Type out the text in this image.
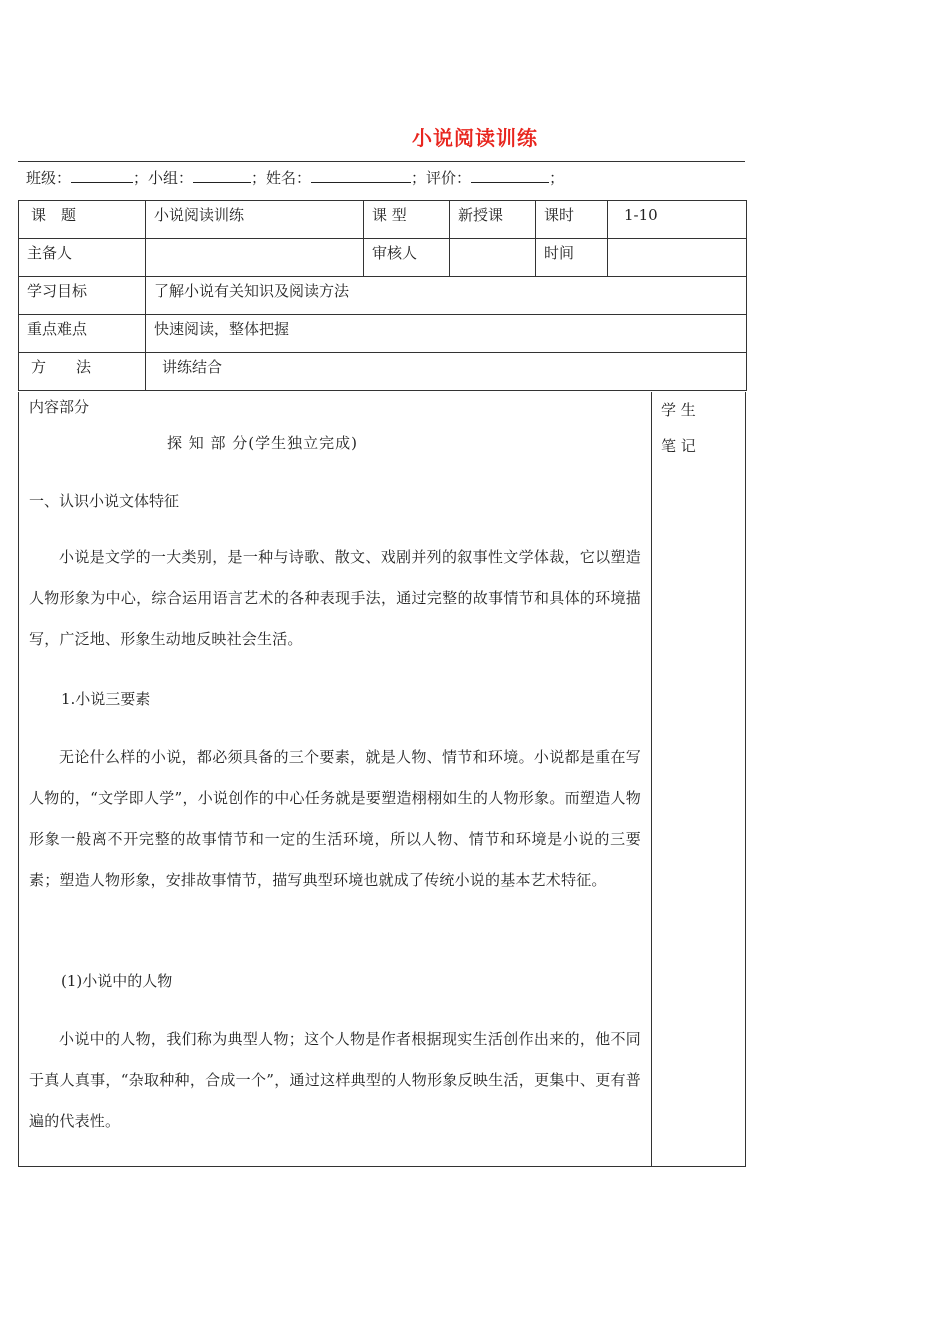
小说阅读训练
班级：	；小组：	；姓名：	；评价：	；
课　题	小说阅读训练	课 型	新授课	课时	1-10
主备人		审核人		时间	
学习目标	了解小说有关知识及阅读方法				
重点难点	快速阅读，整体把握				
方　　法	讲练结合				
内容部分
探 知 部 分(学生独立完成)
一、认识小说文体特征

小说是文学的一大类别，是一种与诗歌、散文、戏剧并列的叙事性文学体裁，它以塑造人物形象为中心，综合运用语言艺术的各种表现手法，通过完整的故事情节和具体的环境描写，广泛地、形象生动地反映社会生活。

1.小说三要素

无论什么样的小说，都必须具备的三个要素，就是人物、情节和环境。小说都是重在写人物的，“文学即人学”，小说创作的中心任务就是要塑造栩栩如生的人物形象。而塑造人物形象一般离不开完整的故事情节和一定的生活环境，所以人物、情节和环境是小说的三要素；塑造人物形象，安排故事情节，描写典型环境也就成了传统小说的基本艺术特征。

(1)小说中的人物

小说中的人物，我们称为典型人物；这个人物是作者根据现实生活创作出来的，他不同于真人真事，“杂取种种，合成一个”，通过这样典型的人物形象反映生活，更集中、更有普遍的代表性。

学 生
笔 记
